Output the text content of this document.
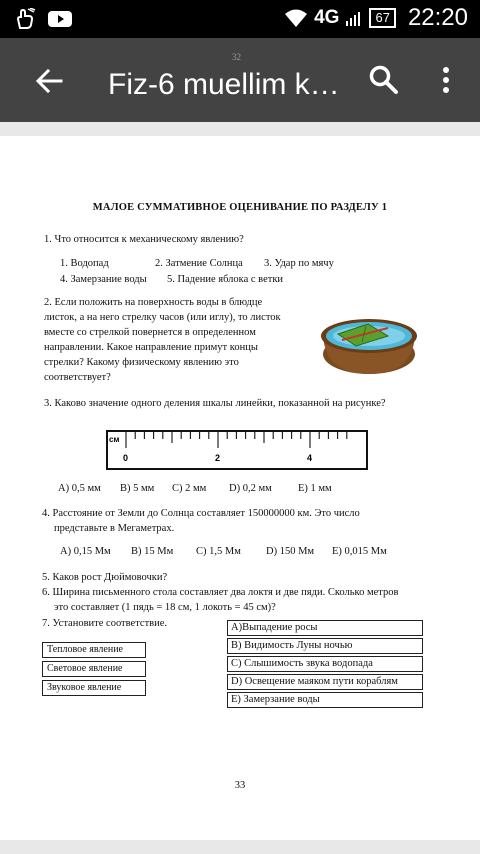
4G	67 22:20
Fiz-6 muellim k…
32
МАЛОЕ СУММАТИВНОЕ ОЦЕНИВАНИЕ ПО РАЗДЕЛУ 1
1. Что относится к механическому явлению?
1. Водопад	2. Затмение Солнца 3. Удар по мячу
4. Замерзание воды 5. Падение яблока с ветки
2. Если положить на поверхность воды в блюдце
листок, а на него стрелку часов (или иглу), то листок
вместе со стрелкой повернется в определенном
направлении. Какое направление примут концы
стрелки? Какому физическому явлению это
соответствует?
3. Каково значение одного деления шкалы линейки, показанной на рисунке?
см
0	2	4
A) 0,5 мм B) 5 мм C) 2 мм D) 0,2 мм	E) 1 мм
4. Расстояние от Земли до Солнца составляет 150000000 км. Это число
представьте в Мегаметрах.
A) 0,15 Мм B) 15 Мм C) 1,5 Мм D) 150 Мм E) 0,015 Мм
5. Каков рост Дюймовочки?
6. Ширина письменного стола составляет два локтя и две пяди. Сколько метров
это составляет (1 пядь = 18 см, 1 локоть = 45 см)?
7. Установите соответствие.
Тепловое явление
Световое явление
Звуковое явление
A)Выпадение росы
B) Видимость Луны ночью
C) Слышимость звука водопада
D) Освещение маяком пути кораблям
E) Замерзание воды
33
